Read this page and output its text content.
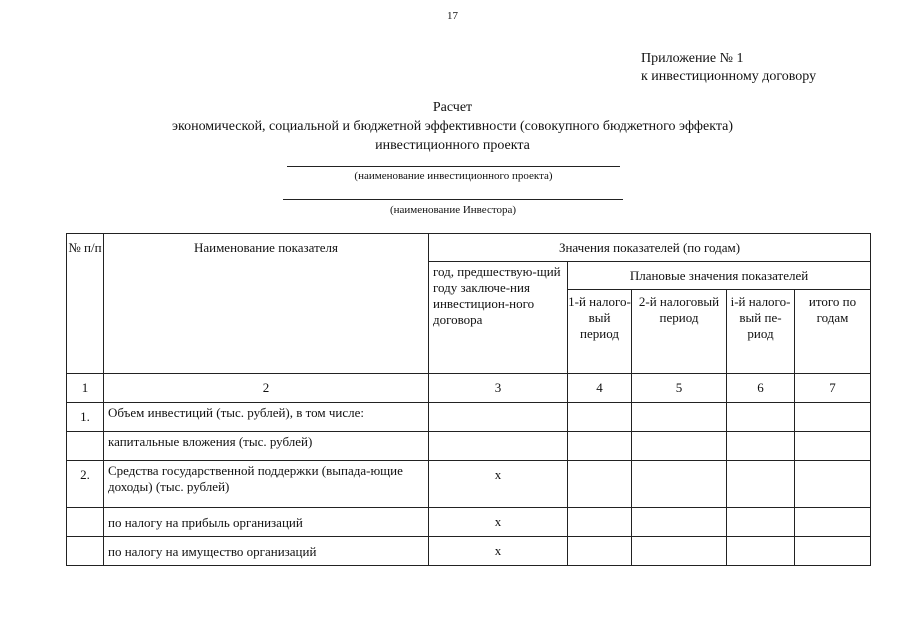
17
Приложение № 1
к инвестиционному договору
Расчет
экономической, социальной и бюджетной эффективности (совокупного бюджетного эффекта)
инвестиционного проекта
(наименование инвестиционного проекта)
(наименование Инвестора)
№ п/п	Наименование показателя	Значения показателей (по годам)				
		год, предшествую-щий году заключе-ния инвестицион-ного договора	Плановые значения показателей			
			1-й налого-вый период	2-й налоговый период	i-й налого-вый пе-риод	итого по годам
1	2	3	4	5	6	7
1.	Объем инвестиций (тыс. рублей), в том числе:					
	капитальные вложения (тыс. рублей)					
2.	Средства государственной поддержки (выпада-ющие доходы) (тыс. рублей)	x				
	по налогу на прибыль организаций	x				
	по налогу на имущество организаций	x				
